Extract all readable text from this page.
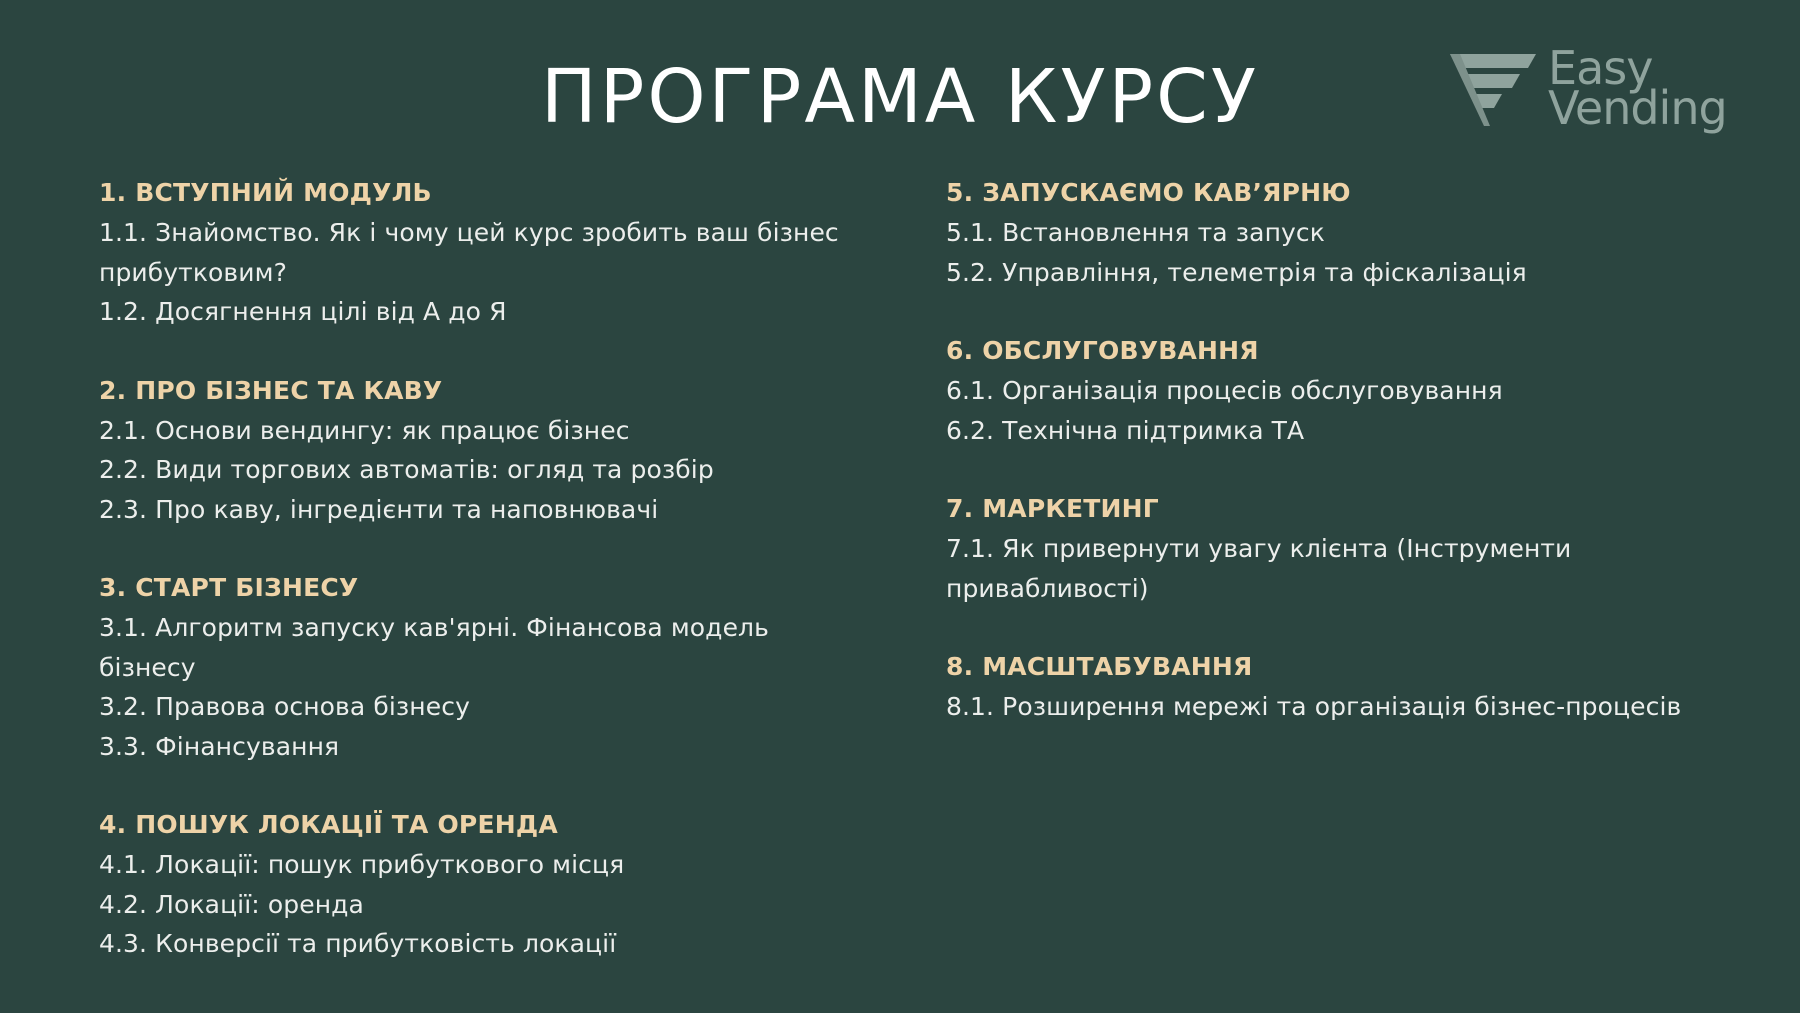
ПРОГРАМА КУРСУ	Easy
Vending
1. ВСТУПНИЙ МОДУЛЬ
1.1. Знайомство. Як і чому цей курс зробить ваш бізнес прибутковим?
1.2. Досягнення цілі від А до Я
2. ПРО БІЗНЕС ТА КАВУ
2.1. Основи вендингу: як працює бізнес
2.2. Види торгових автоматів: огляд та розбір
2.3. Про каву, інгредієнти та наповнювачі
3. СТАРТ БІЗНЕСУ
3.1. Алгоритм запуску кав'ярні. Фінансова модель бізнесу
3.2. Правова основа бізнесу
3.3. Фінансування
4. ПОШУК ЛОКАЦІЇ ТА ОРЕНДА
4.1. Локації: пошук прибуткового місця
4.2. Локації: оренда
4.3. Конверсії та прибутковість локації
5. ЗАПУСКАЄМО КАВ’ЯРНЮ
5.1. Встановлення та запуск
5.2. Управління, телеметрія та фіскалізація
6. ОБСЛУГОВУВАННЯ
6.1. Організація процесів обслуговування
6.2. Технічна підтримка ТА
7. МАРКЕТИНГ
7.1. Як привернути увагу клієнта (Інструменти привабливості)
8. МАСШТАБУВАННЯ
8.1. Розширення мережі та організація бізнес-процесів
